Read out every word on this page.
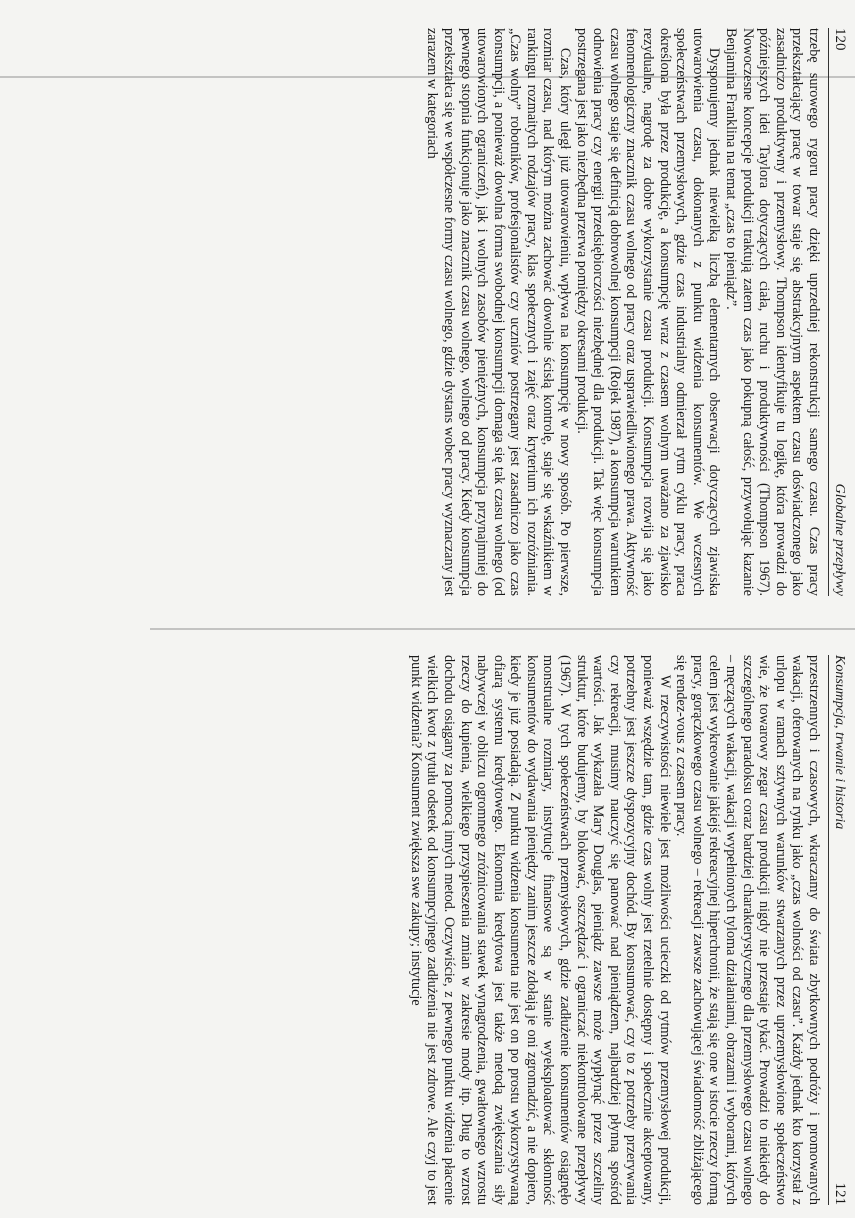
120
Globalne przepływy

trzebę surowego rygoru pracy dzięki uprzedniej rekonstrukcji samego czasu. Czas pracy przekształcający pracę w towar staje się abstrakcyjnym aspektem czasu doświadczonego jako zasadniczo produktywny i przemysłowy. Thompson identyfikuje tu logikę, która prowadzi do późniejszych idei Taylora dotyczących ciała, ruchu i produktywności (Thompson 1967). Nowoczesne koncepcje produkcji traktują zatem czas jako pokupną całość, przywołując kazanie Benjamina Franklina na temat „czas to pieniądz”.

Dysponujemy jednak niewielką liczbą elementarnych obserwacji dotyczących zjawiska utowarowienia czasu, dokonanych z punktu widzenia konsumentów. We wczesnych społeczeństwach przemysłowych, gdzie czas industrialny odmierzał rytm cyklu pracy, praca określona była przez produkcję, a konsumpcję wraz z czasem wolnym uważano za zjawisko rezydualne, nagrodę za dobre wykorzystanie czasu produkcji. Konsumpcja rozwija się jako fenomenologiczny znacznik czasu wolnego od pracy oraz usprawiedliwionego prawa. Aktywność czasu wolnego staje się definicją dobrowolnej konsumpcji (Rojek 1987), a konsumpcja warunkiem odnowienia pracy czy energii przedsiębiorczości niezbędnej dla produkcji. Tak więc konsumpcja postrzegana jest jako niezbędna przerwa pomiędzy okresami produkcji.

Czas, który uległ już utowarowieniu, wpływa na konsumpcję w nowy sposób. Po pierwsze, rozmiar czasu, nad którym można zachować dowolnie ścisłą kontrolę, staje się wskaźnikiem w rankingu rozmaitych rodzajów pracy, klas społecznych i zajęć oraz kryterium ich rozróżniania. „Czas wolny” robotników, profesjonalistów czy uczniów postrzegany jest zasadniczo jako czas konsumpcji, a ponieważ dowolna forma swobodnej konsumpcji domaga się tak czasu wolnego (od utowarowionych ograniczeń), jak i wolnych zasobów pieniężnych, konsumpcja przynajmniej do pewnego stopnia funkcjonuje jako znacznik czasu wolnego, wolnego od pracy. Kiedy konsumpcja przekształca się we współczesne formy czasu wolnego, gdzie dystans wobec pracy wyznaczany jest zarazem w kategoriach

Konsumpcja, trwanie i historia
121

przestrzennych i czasowych, wkraczamy do świata zbytkownych podróży i promowanych wakacji, oferowanych na rynku jako „czas wolności od czasu”. Każdy jednak kto korzystał z urlopu w ramach sztywnych warunków stwarzanych przez uprzemysłowione społeczeństwo wie, że towarowy zegar czasu produkcji nigdy nie przestaje tykać. Prowadzi to niekiedy do szczególnego paradoksu coraz bardziej charakterystycznego dla przemysłowego czasu wolnego – męczących wakacji, wakacji wypełnionych tyloma działaniami, obrazami i wyborami, których celem jest wykreowanie jakiejś rekreacyjnej hiperchronii, że stają się one w istocie rzeczy formą pracy, gorączkowego czasu wolnego – rekreacji zawsze zachowującej świadomość zbliżającego się rendez-vous z czasem pracy.

W rzeczywistości niewiele jest możliwości ucieczki od rytmów przemysłowej produkcji, ponieważ wszędzie tam, gdzie czas wolny jest rzetelnie dostępny i społecznie akceptowany, potrzebny jest jeszcze dyspozycyjny dochód. By konsumować, czy to z potrzeby przerywania czy rekreacji, musimy nauczyć się panować nad pieniądzem, najbardziej płynną spośród wartości. Jak wykazała Mary Douglas, pieniądz zawsze może wypłynąć przez szczeliny struktur, które budujemy, by blokować, oszczędzać i ograniczać niekontrolowane przepływy (1967). W tych społeczeństwach przemysłowych, gdzie zadłużenie konsumentów osiągnęło monstrualne rozmiary, instytucje finansowe są w stanie wyeksploatować skłonność konsumentów do wydawania pieniędzy zanim jeszcze zdołają je oni zgromadzić, a nie dopiero, kiedy je już posiadają. Z punktu widzenia konsumenta nie jest on po prostu wykorzystywaną ofiarą systemu kredytowego. Ekonomia kredytowa jest także metodą zwiększania siły nabywczej w obliczu ogromnego zróżnicowania stawek wynagrodzenia, gwałtownego wzrostu rzeczy do kupienia, wielkiego przyspieszenia zmian w zakresie mody itp. Dług to wzrost dochodu osiągany za pomocą innych metod. Oczywiście, z pewnego punktu widzenia płacenie wielkich kwot z tytułu odsetek od konsumpcyjnego zadłużenia nie jest zdrowe. Ale czyj to jest punkt widzenia? Konsument zwiększa swe zakupy; instytucje
